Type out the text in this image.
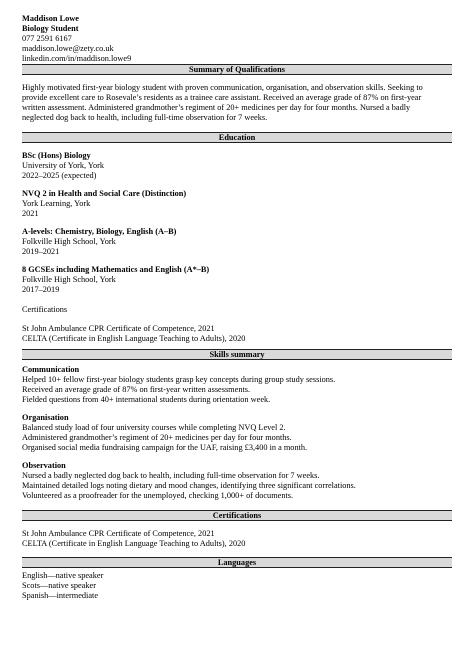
Maddison Lowe
Biology Student
077 2591 6167
maddison.lowe@zety.co.uk
linkedin.com/in/maddison.lowe9
Summary of Qualifications
Highly motivated first-year biology student with proven communication, organisation, and observation skills. Seeking to
provide excellent care to Rosevale’s residents as a trainee care assistant. Received an average grade of 87% on first-year
written assessment. Administered grandmother’s regiment of 20+ medicines per day for four months. Nursed a badly
neglected dog back to health, including full-time observation for 7 weeks.
Education
BSc (Hons) Biology
University of York, York
2022–2025 (expected)
NVQ 2 in Health and Social Care (Distinction)
York Learning, York
2021
A-levels: Chemistry, Biology, English (A–B)
Folkville High School, York
2019–2021
8 GCSEs including Mathematics and English (A*–B)
Folkville High School, York
2017–2019
Certifications
St John Ambulance CPR Certificate of Competence, 2021
CELTA (Certificate in English Language Teaching to Adults), 2020
Skills summary
Communication
Helped 10+ fellow first-year biology students grasp key concepts during group study sessions.
Received an average grade of 87% on first-year written assessments.
Fielded questions from 40+ international students during orientation week.
Organisation
Balanced study load of four university courses while completing NVQ Level 2.
Administered grandmother’s regiment of 20+ medicines per day for four months.
Organised social media fundraising campaign for the UAF, raising £3,400 in a month.
Observation
Nursed a badly neglected dog back to health, including full-time observation for 7 weeks.
Maintained detailed logs noting dietary and mood changes, identifying three significant correlations.
Volunteered as a proofreader for the unemployed, checking 1,000+ of documents.
Certifications
St John Ambulance CPR Certificate of Competence, 2021
CELTA (Certificate in English Language Teaching to Adults), 2020
Languages
English—native speaker
Scots—native speaker
Spanish—intermediate
